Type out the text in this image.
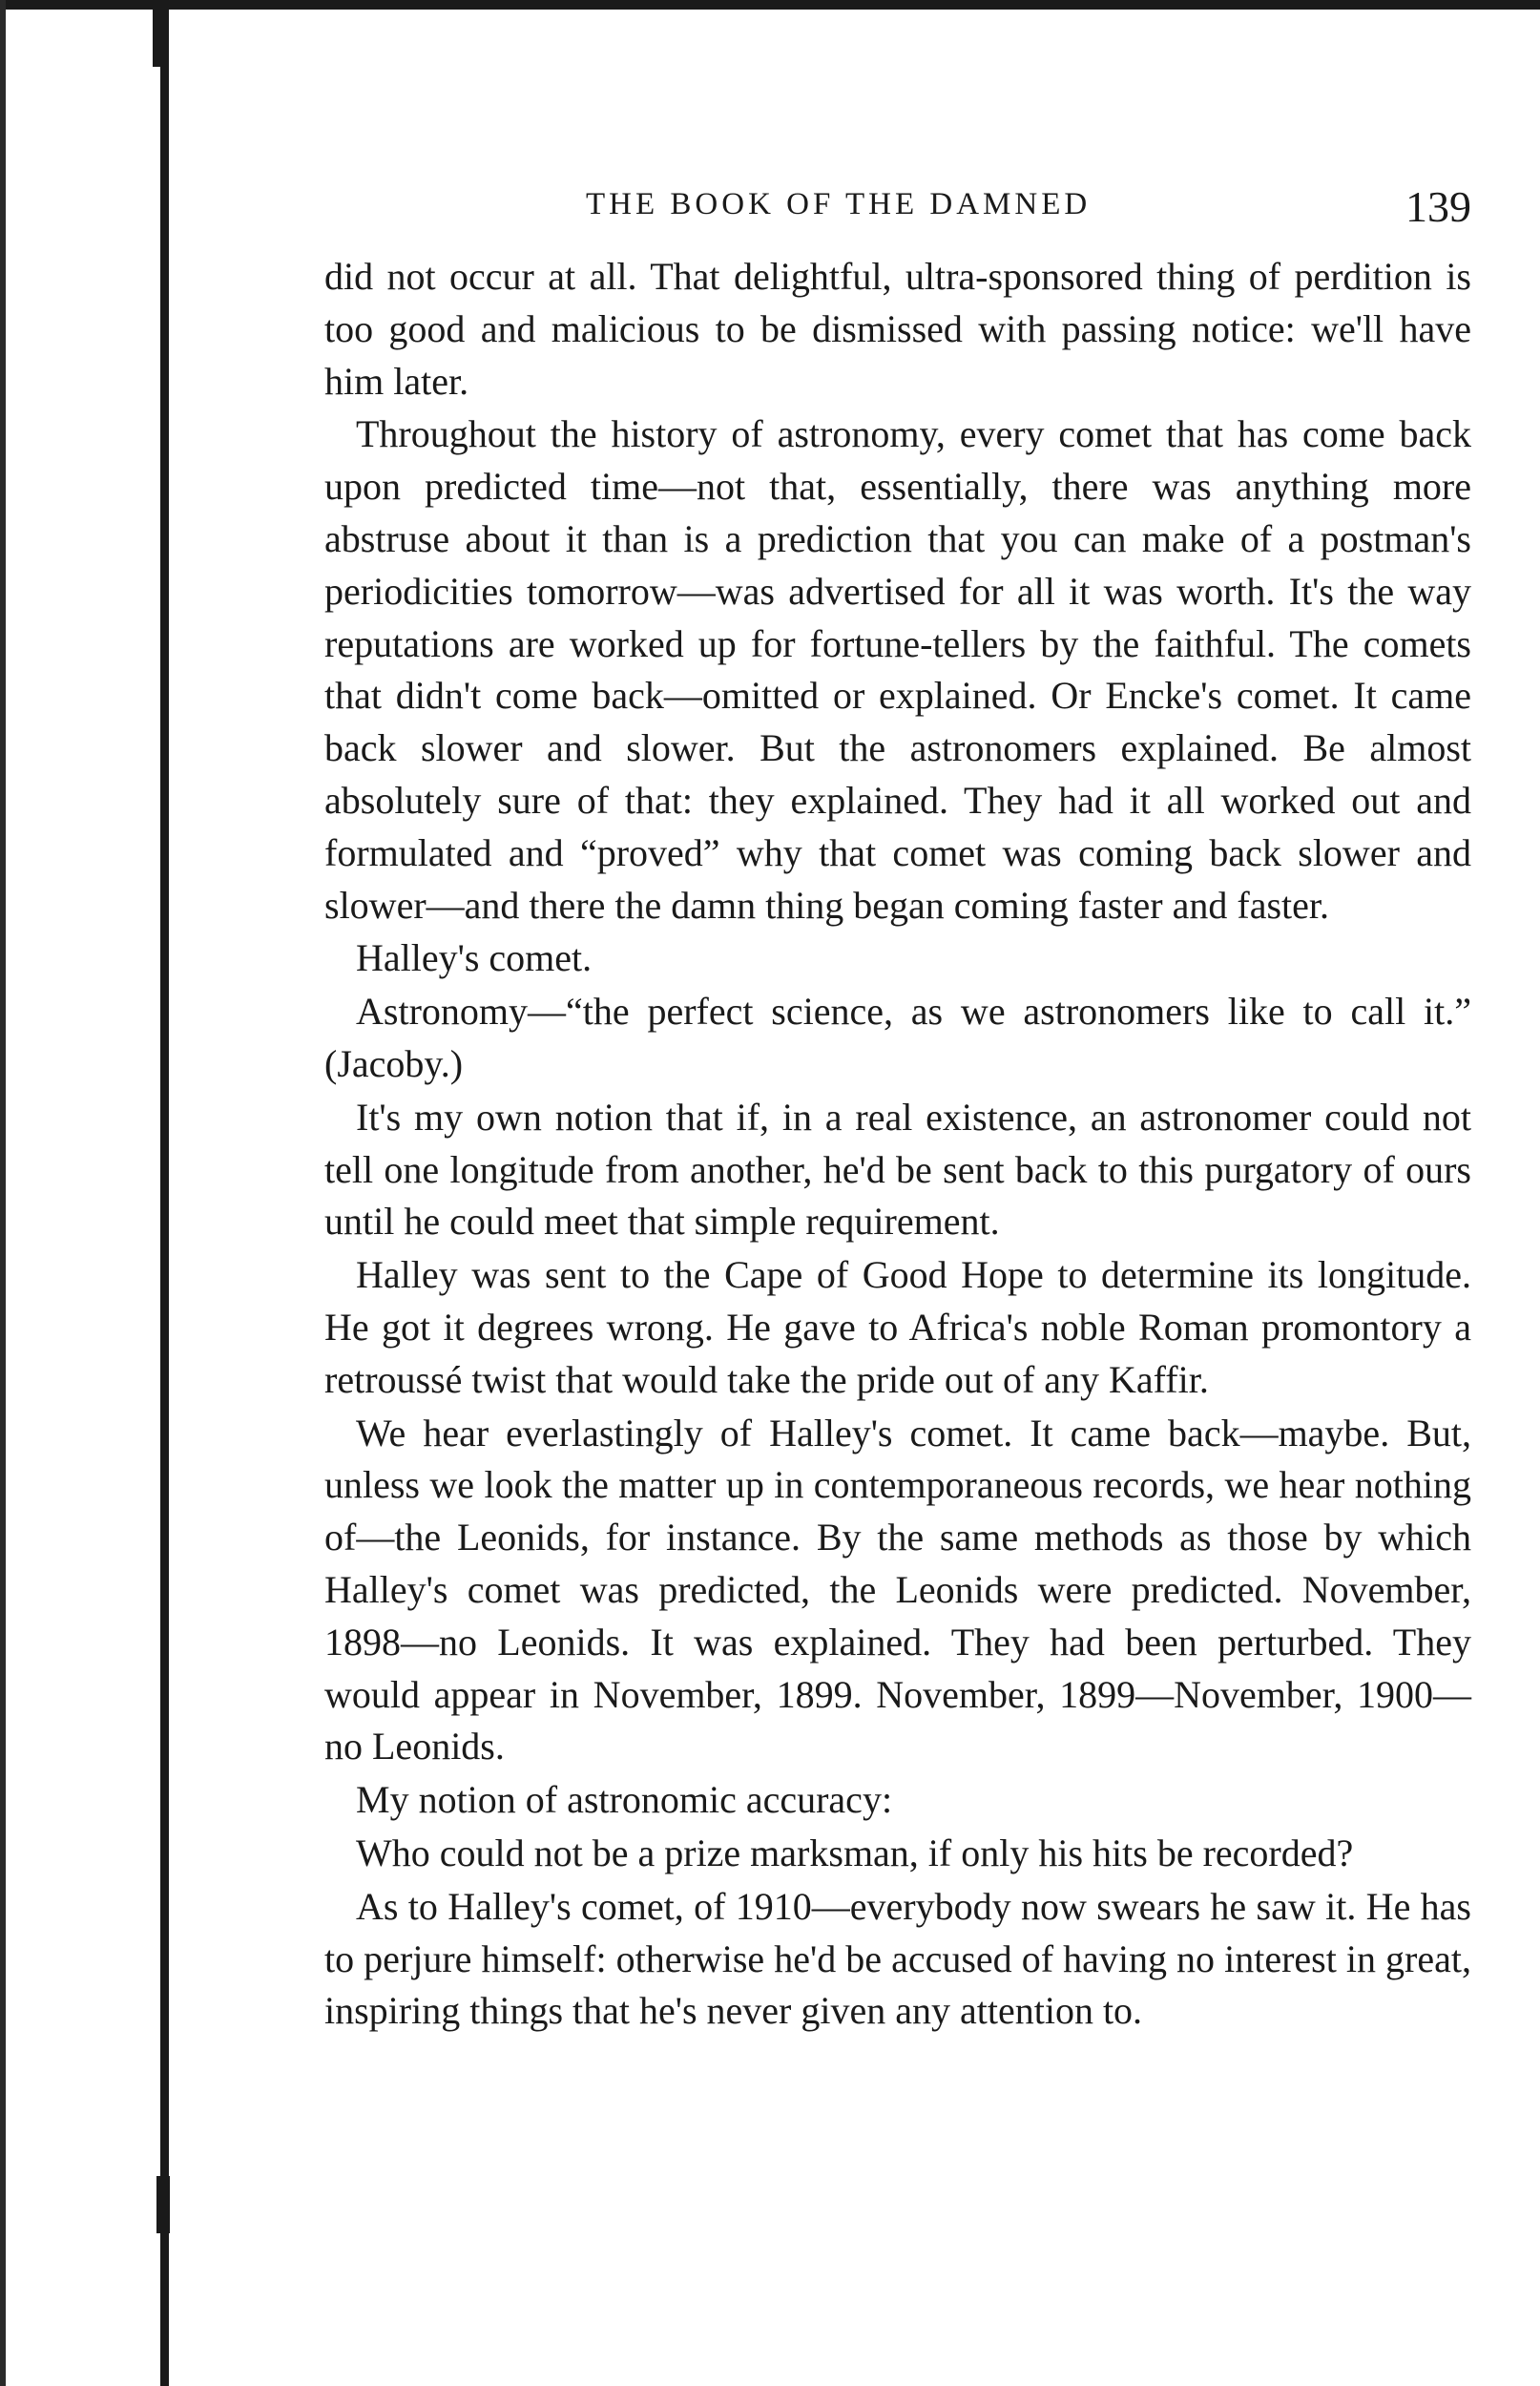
THE BOOK OF THE DAMNED	139

did not occur at all. That delightful, ultra-sponsored thing of perdition is too good and malicious to be dismissed with passing notice: we'll have him later.

Throughout the history of astronomy, every comet that has come back upon predicted time—not that, essentially, there was anything more abstruse about it than is a prediction that you can make of a postman's periodicities tomorrow—was advertised for all it was worth. It's the way reputations are worked up for fortune-tellers by the faithful. The comets that didn't come back—omitted or explained. Or Encke's comet. It came back slower and slower. But the astronomers explained. Be almost absolutely sure of that: they explained. They had it all worked out and formulated and “proved” why that comet was coming back slower and slower—and there the damn thing began coming faster and faster.

Halley's comet.

Astronomy—“the perfect science, as we astronomers like to call it.” (Jacoby.)

It's my own notion that if, in a real existence, an astronomer could not tell one longitude from another, he'd be sent back to this purgatory of ours until he could meet that simple requirement.

Halley was sent to the Cape of Good Hope to determine its longitude. He got it degrees wrong. He gave to Africa's noble Roman promontory a retroussé twist that would take the pride out of any Kaffir.

We hear everlastingly of Halley's comet. It came back—maybe. But, unless we look the matter up in contemporaneous records, we hear nothing of—the Leonids, for instance. By the same methods as those by which Halley's comet was predicted, the Leonids were predicted. November, 1898—no Leonids. It was explained. They had been perturbed. They would appear in November, 1899. November, 1899—November, 1900—no Leonids.

My notion of astronomic accuracy:

Who could not be a prize marksman, if only his hits be recorded?

As to Halley's comet, of 1910—everybody now swears he saw it. He has to perjure himself: otherwise he'd be accused of having no interest in great, inspiring things that he's never given any attention to.
